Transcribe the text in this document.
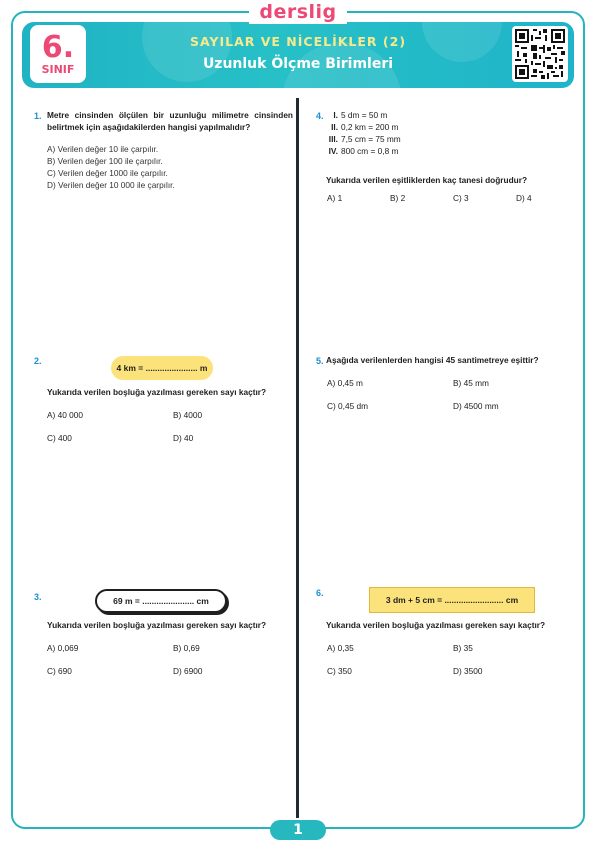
derslig
6.
SINIF
SAYILAR VE NİCELİKLER (2)
Uzunluk Ölçme Birimleri
1. Metre cinsinden ölçülen bir uzunluğu milimetre cinsinden belirtmek için aşağıdakilerden hangisi yapılmalıdır?
A) Verilen değer 10 ile çarpılır.
B) Verilen değer 100 ile çarpılır.
C) Verilen değer 1000 ile çarpılır.
D) Verilen değer 10 000 ile çarpılır.
4.	I. 5 dm = 50 m
II. 0,2 km = 200 m
III. 7,5 cm = 75 mm
IV. 800 cm = 0,8 m
Yukarıda verilen eşitliklerden kaç tanesi doğrudur?
A) 1	B) 2	C) 3	D) 4
2.
4 km = ...................... m
Yukarıda verilen boşluğa yazılması gereken sayı kaçtır?
A) 40 000	B) 4000
C) 400	D) 40
5. Aşağıda verilenlerden hangisi 45 santimetreye eşittir?
A) 0,45 m	B) 45 mm
C) 0,45 dm	D) 4500 mm
3.	69 m = ...................... cm
Yukarıda verilen boşluğa yazılması gereken sayı kaçtır?
A) 0,069	B) 0,69
C) 690	D) 6900
6.
3 dm + 5 cm = ......................... cm
Yukarıda verilen boşluğa yazılması gereken sayı kaçtır?
A) 0,35	B) 35
C) 350	D) 3500
1
